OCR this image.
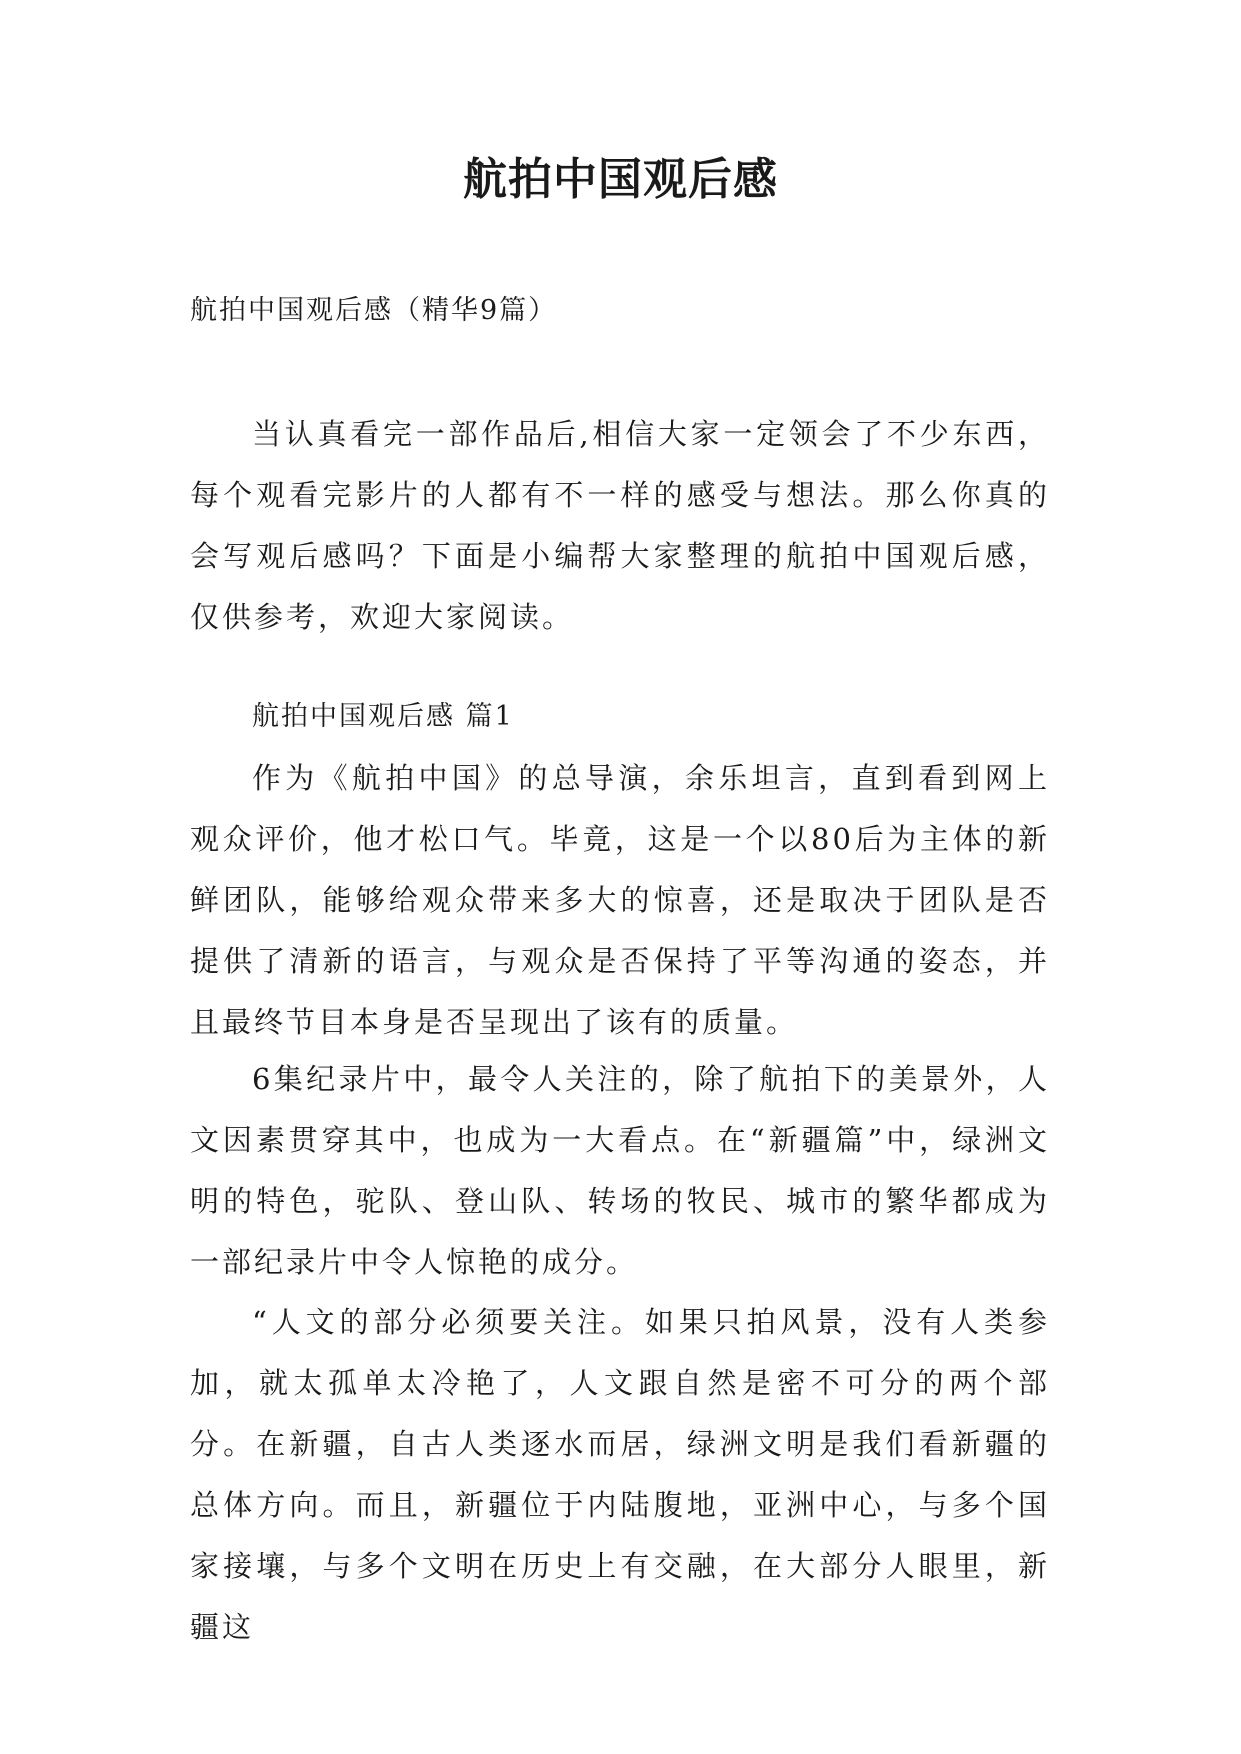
航拍中国观后感

航拍中国观后感（精华9篇）

当认真看完一部作品后,相信大家一定领会了不少东西，每个观看完影片的人都有不一样的感受与想法。那么你真的会写观后感吗？下面是小编帮大家整理的航拍中国观后感，仅供参考，欢迎大家阅读。

航拍中国观后感 篇1

作为《航拍中国》的总导演，余乐坦言，直到看到网上观众评价，他才松口气。毕竟，这是一个以80后为主体的新鲜团队，能够给观众带来多大的惊喜，还是取决于团队是否提供了清新的语言，与观众是否保持了平等沟通的姿态，并且最终节目本身是否呈现出了该有的质量。

6集纪录片中，最令人关注的，除了航拍下的美景外，人文因素贯穿其中，也成为一大看点。在“新疆篇”中，绿洲文明的特色，驼队、登山队、转场的牧民、城市的繁华都成为一部纪录片中令人惊艳的成分。

“人文的部分必须要关注。如果只拍风景，没有人类参加，就太孤单太冷艳了，人文跟自然是密不可分的两个部分。在新疆，自古人类逐水而居，绿洲文明是我们看新疆的总体方向。而且，新疆位于内陆腹地，亚洲中心，与多个国家接壤，与多个文明在历史上有交融，在大部分人眼里，新疆这
